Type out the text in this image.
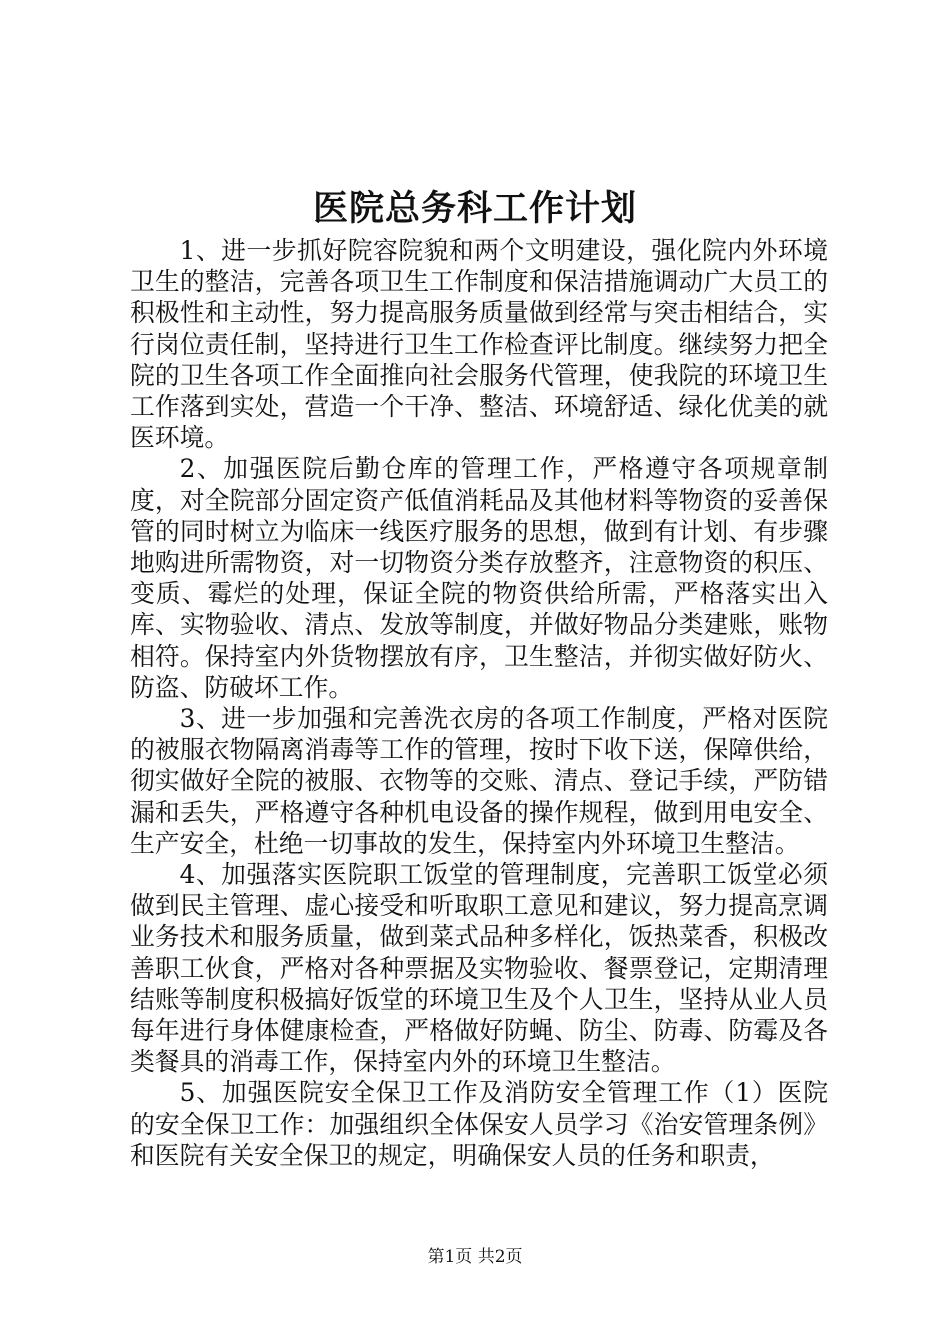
医院总务科工作计划

1、进一步抓好院容院貌和两个文明建设，强化院内外环境卫生的整洁，完善各项卫生工作制度和保洁措施调动广大员工的积极性和主动性，努力提高服务质量做到经常与突击相结合，实行岗位责任制，坚持进行卫生工作检查评比制度。继续努力把全院的卫生各项工作全面推向社会服务代管理，使我院的环境卫生工作落到实处，营造一个干净、整洁、环境舒适、绿化优美的就医环境。

2、加强医院后勤仓库的管理工作，严格遵守各项规章制度，对全院部分固定资产低值消耗品及其他材料等物资的妥善保管的同时树立为临床一线医疗服务的思想，做到有计划、有步骤地购进所需物资，对一切物资分类存放整齐，注意物资的积压、变质、霉烂的处理，保证全院的物资供给所需，严格落实出入库、实物验收、清点、发放等制度，并做好物品分类建账，账物相符。保持室内外货物摆放有序，卫生整洁，并彻实做好防火、防盗、防破坏工作。

3、进一步加强和完善洗衣房的各项工作制度，严格对医院的被服衣物隔离消毒等工作的管理，按时下收下送，保障供给，彻实做好全院的被服、衣物等的交账、清点、登记手续，严防错漏和丢失，严格遵守各种机电设备的操作规程，做到用电安全、生产安全，杜绝一切事故的发生，保持室内外环境卫生整洁。

4、加强落实医院职工饭堂的管理制度，完善职工饭堂必须做到民主管理、虚心接受和听取职工意见和建议，努力提高烹调业务技术和服务质量，做到菜式品种多样化，饭热菜香，积极改善职工伙食，严格对各种票据及实物验收、餐票登记，定期清理结账等制度积极搞好饭堂的环境卫生及个人卫生，坚持从业人员每年进行身体健康检查，严格做好防蝇、防尘、防毒、防霉及各类餐具的消毒工作，保持室内外的环境卫生整洁。

5、加强医院安全保卫工作及消防安全管理工作（1）医院的安全保卫工作：加强组织全体保安人员学习《治安管理条例》和医院有关安全保卫的规定，明确保安人员的任务和职责，

第1页 共2页
